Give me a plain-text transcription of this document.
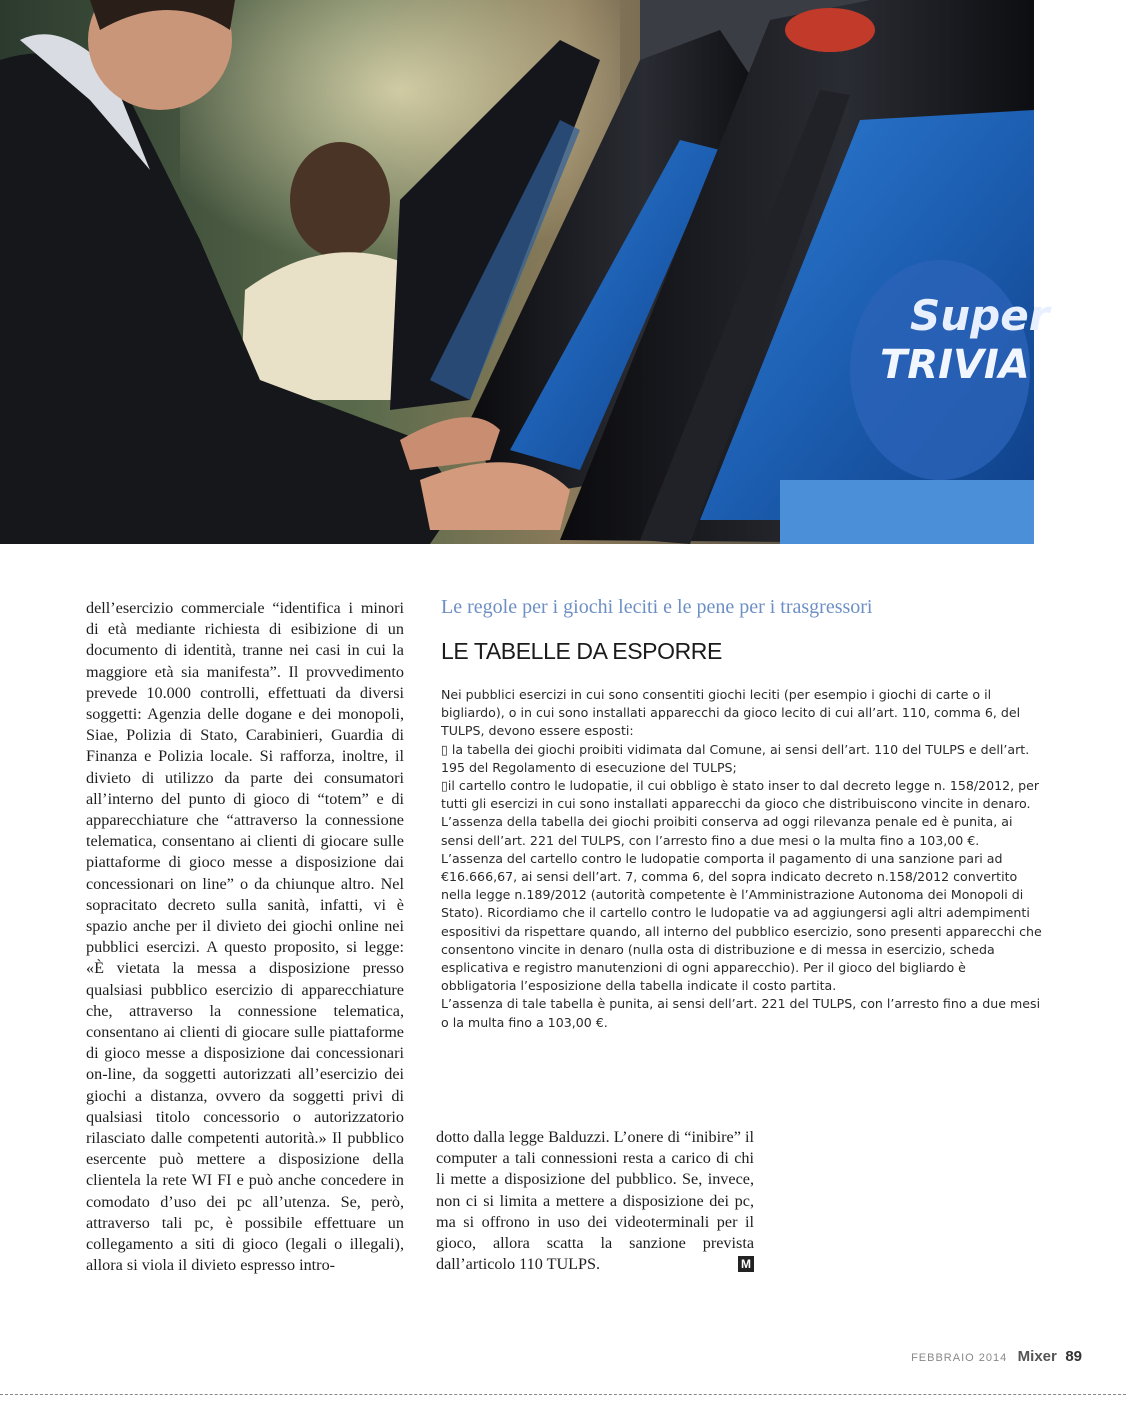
Super
TRIVIA
dell’esercizio commerciale “identifica i minori di età mediante richiesta di esibizione di un documento di identità, tranne nei casi in cui la maggiore età sia manifesta”. Il provvedimento prevede 10.000 controlli, effettuati da diversi soggetti: Agenzia delle dogane e dei monopoli, Siae, Polizia di Stato, Carabinieri, Guardia di Finanza e Polizia locale. Si rafforza, inoltre, il divieto di utilizzo da parte dei consumatori all’interno del punto di gioco di “totem” e di apparecchiature che “attraverso la connessione telematica, consentano ai clienti di giocare sulle piattaforme di gioco messe a disposizione dai concessionari on line” o da chiunque altro. Nel sopracitato decreto sulla sanità, infatti, vi è spazio anche per il divieto dei giochi online nei pubblici esercizi. A questo proposito, si legge: «È vietata la messa a disposizione presso qualsiasi pubblico esercizio di apparecchiature che, attraverso la connessione telematica, consentano ai clienti di giocare sulle piattaforme di gioco messe a disposizione dai concessionari on-line, da soggetti autorizzati all’esercizio dei giochi a distanza, ovvero da soggetti privi di qualsiasi titolo concessorio o autorizzatorio rilasciato dalle competenti autorità.» Il pubblico esercente può mettere a disposizione della clientela la rete WI FI e può anche concedere in comodato d’uso dei pc all’utenza. Se, però, attraverso tali pc, è possibile effettuare un collegamento a siti di gioco (legali o illegali), allora si viola il divieto espresso intro-
Le regole per i giochi leciti e le pene per i trasgressori
LE TABELLE DA ESPORRE

Nei pubblici esercizi in cui sono consentiti giochi leciti (per esempio i giochi di carte o il bigliardo), o in cui sono installati apparecchi da gioco lecito di cui all’art. 110, comma 6, del TULPS, devono essere esposti:

▯ la tabella dei giochi proibiti vidimata dal Comune, ai sensi dell’art. 110 del TULPS e dell’art. 195 del Regolamento di esecuzione del TULPS;

▯il cartello contro le ludopatie, il cui obbligo è stato inser to dal decreto legge n. 158/2012, per tutti gli esercizi in cui sono installati apparecchi da gioco che distribuiscono vincite in denaro.

L’assenza della tabella dei giochi proibiti conserva ad oggi rilevanza penale ed è punita, ai sensi dell’art. 221 del TULPS, con l’arresto fino a due mesi o la multa fino a 103,00 €. L’assenza del cartello contro le ludopatie comporta il pagamento di una sanzione pari ad €16.666,67, ai sensi dell’art. 7, comma 6, del sopra indicato decreto n.158/2012 convertito nella legge n.189/2012 (autorità competente è l’Amministrazione Autonoma dei Monopoli di Stato). Ricordiamo che il cartello contro le ludopatie va ad aggiungersi agli altri adempimenti espositivi da rispettare quando, all interno del pubblico esercizio, sono presenti apparecchi che consentono vincite in denaro (nulla osta di distribuzione e di messa in esercizio, scheda esplicativa e registro manutenzioni di ogni apparecchio). Per il gioco del bigliardo è obbligatoria l’esposizione della tabella indicate il costo partita.

L’assenza di tale tabella è punita, ai sensi dell’art. 221 del TULPS, con l’arresto fino a due mesi o la multa fino a 103,00 €.

dotto dalla legge Balduzzi. L’onere di “inibire” il computer a tali connessioni resta a carico di chi li mette a disposizione del pubblico. Se, invece, non ci si limita a mettere a disposizione dei pc, ma si offrono in uso dei videoterminali per il gioco, allora scatta la sanzione prevista dall’articolo 110 TULPS.	M
FEBBRAIO 2014 Mixer 89
